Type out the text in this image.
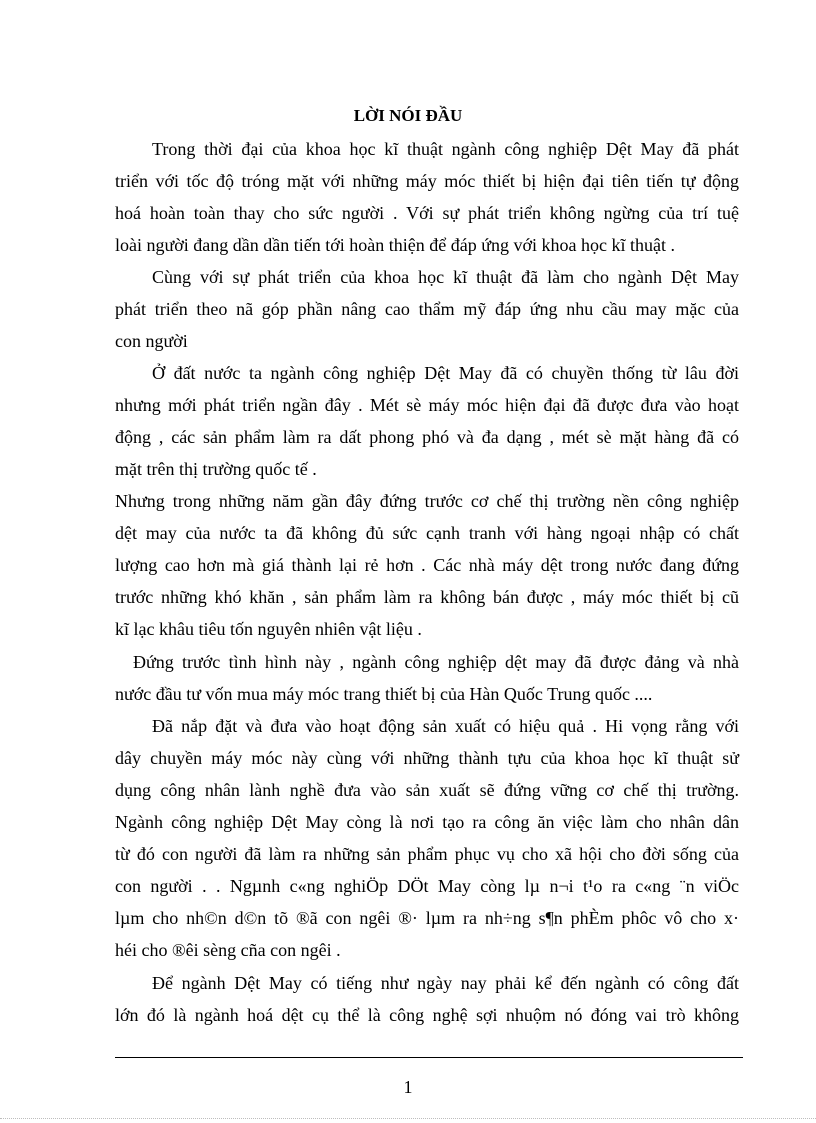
LỜI NÓI ĐẦU
Trong thời đại của khoa học kĩ thuật ngành công nghiệp Dệt May đã phát
triển với tốc độ tróng mặt với những máy móc thiết bị hiện đại tiên tiến tự động
hoá hoàn toàn thay cho sức người . Với sự phát triển không ngừng của trí tuệ
loài người đang dần dần tiến tới hoàn thiện để đáp ứng với khoa học kĩ thuật .
Cùng với sự phát triển của khoa học kĩ thuật đã làm cho ngành Dệt May
phát triển theo nã góp phần nâng cao thẩm mỹ đáp ứng nhu cầu may mặc của
con người
Ở đất nước ta ngành công nghiệp Dệt May đã có chuyền thống từ lâu đời
nhưng mới phát triển ngần đây . Mét sè máy móc hiện đại đã được đưa vào hoạt
động , các sản phẩm làm ra dất phong phó và đa dạng , mét sè mặt hàng đã có
mặt trên thị trường quốc tế .
Nhưng trong những năm gần đây đứng trước cơ chế thị trường nền công nghiệp
dệt may của nước ta đã không đủ sức cạnh tranh với hàng ngoại nhập có chất
lượng cao hơn mà giá thành lại rẻ hơn . Các nhà máy dệt trong nước đang đứng
trước những khó khăn , sản phẩm làm ra không bán được , máy móc thiết bị cũ
kĩ lạc khâu tiêu tốn nguyên nhiên vật liệu .
Đứng trước tình hình này , ngành công nghiệp dệt may đã được đảng và nhà
nước đầu tư vốn mua máy móc trang thiết bị của Hàn Quốc Trung quốc ....
Đã nắp đặt và đưa vào hoạt động sản xuất có hiệu quả . Hi vọng rằng với
dây chuyền máy móc này cùng với những thành tựu của khoa học kĩ thuật sử
dụng công nhân lành nghề đưa vào sản xuất sẽ đứng vững cơ chế thị trường.
Ngành công nghiệp Dệt May còng là nơi tạo ra công ăn việc làm cho nhân dân
từ đó con người đã làm ra những sản phẩm phục vụ cho xã hội cho đời sống của
con người . . Ngµnh c«ng nghiÖp DÖt May còng lµ n¬i t¹o ra c«ng ¨n viÖc
lµm cho nh©n d©n tõ ®ã con ngêi ®· lµm ra nh÷ng s¶n phÈm phôc vô cho x·
héi cho ®êi sèng cña con ngêi .
Để ngành Dệt May có tiếng như ngày nay phải kể đến ngành có công đất
lớn đó là ngành hoá dệt cụ thể là công nghệ sợi nhuộm nó đóng vai trò không
1
